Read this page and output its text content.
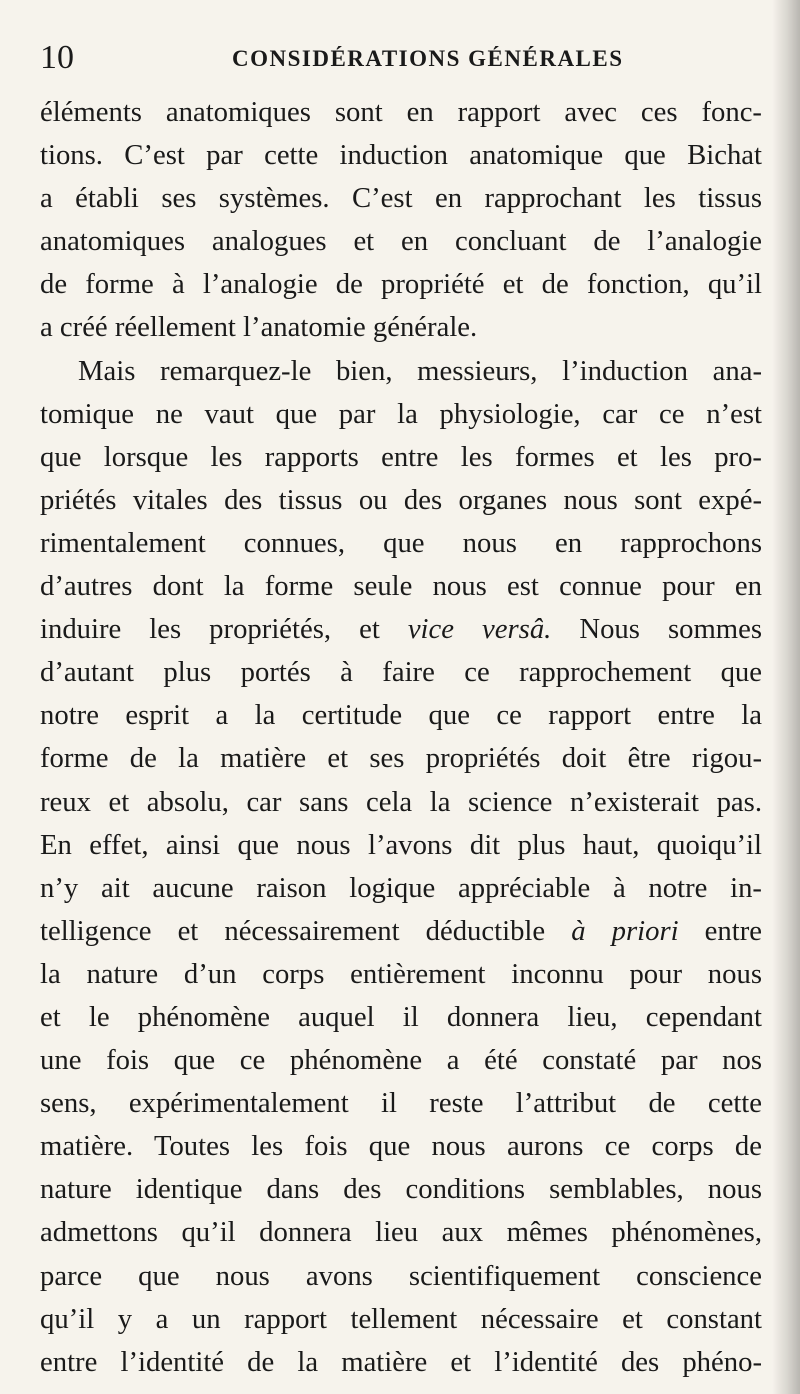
10	CONSIDÉRATIONS GÉNÉRALES
éléments anatomiques sont en rapport avec ces fonc-
tions. C’est par cette induction anatomique que Bichat
a établi ses systèmes. C’est en rapprochant les tissus
anatomiques analogues et en concluant de l’analogie
de forme à l’analogie de propriété et de fonction, qu’il
a créé réellement l’anatomie générale.
Mais remarquez-le bien, messieurs, l’induction ana-
tomique ne vaut que par la physiologie, car ce n’est
que lorsque les rapports entre les formes et les pro-
priétés vitales des tissus ou des organes nous sont expé-
rimentalement connues, que nous en rapprochons
d’autres dont la forme seule nous est connue pour en
induire les propriétés, et vice versâ. Nous sommes
d’autant plus portés à faire ce rapprochement que
notre esprit a la certitude que ce rapport entre la
forme de la matière et ses propriétés doit être rigou-
reux et absolu, car sans cela la science n’existerait pas.
En effet, ainsi que nous l’avons dit plus haut, quoiqu’il
n’y ait aucune raison logique appréciable à notre in-
telligence et nécessairement déductible à priori entre
la nature d’un corps entièrement inconnu pour nous
et le phénomène auquel il donnera lieu, cependant
une fois que ce phénomène a été constaté par nos
sens, expérimentalement il reste l’attribut de cette
matière. Toutes les fois que nous aurons ce corps de
nature identique dans des conditions semblables, nous
admettons qu’il donnera lieu aux mêmes phénomènes,
parce que nous avons scientifiquement conscience
qu’il y a un rapport tellement nécessaire et constant
entre l’identité de la matière et l’identité des phéno-
